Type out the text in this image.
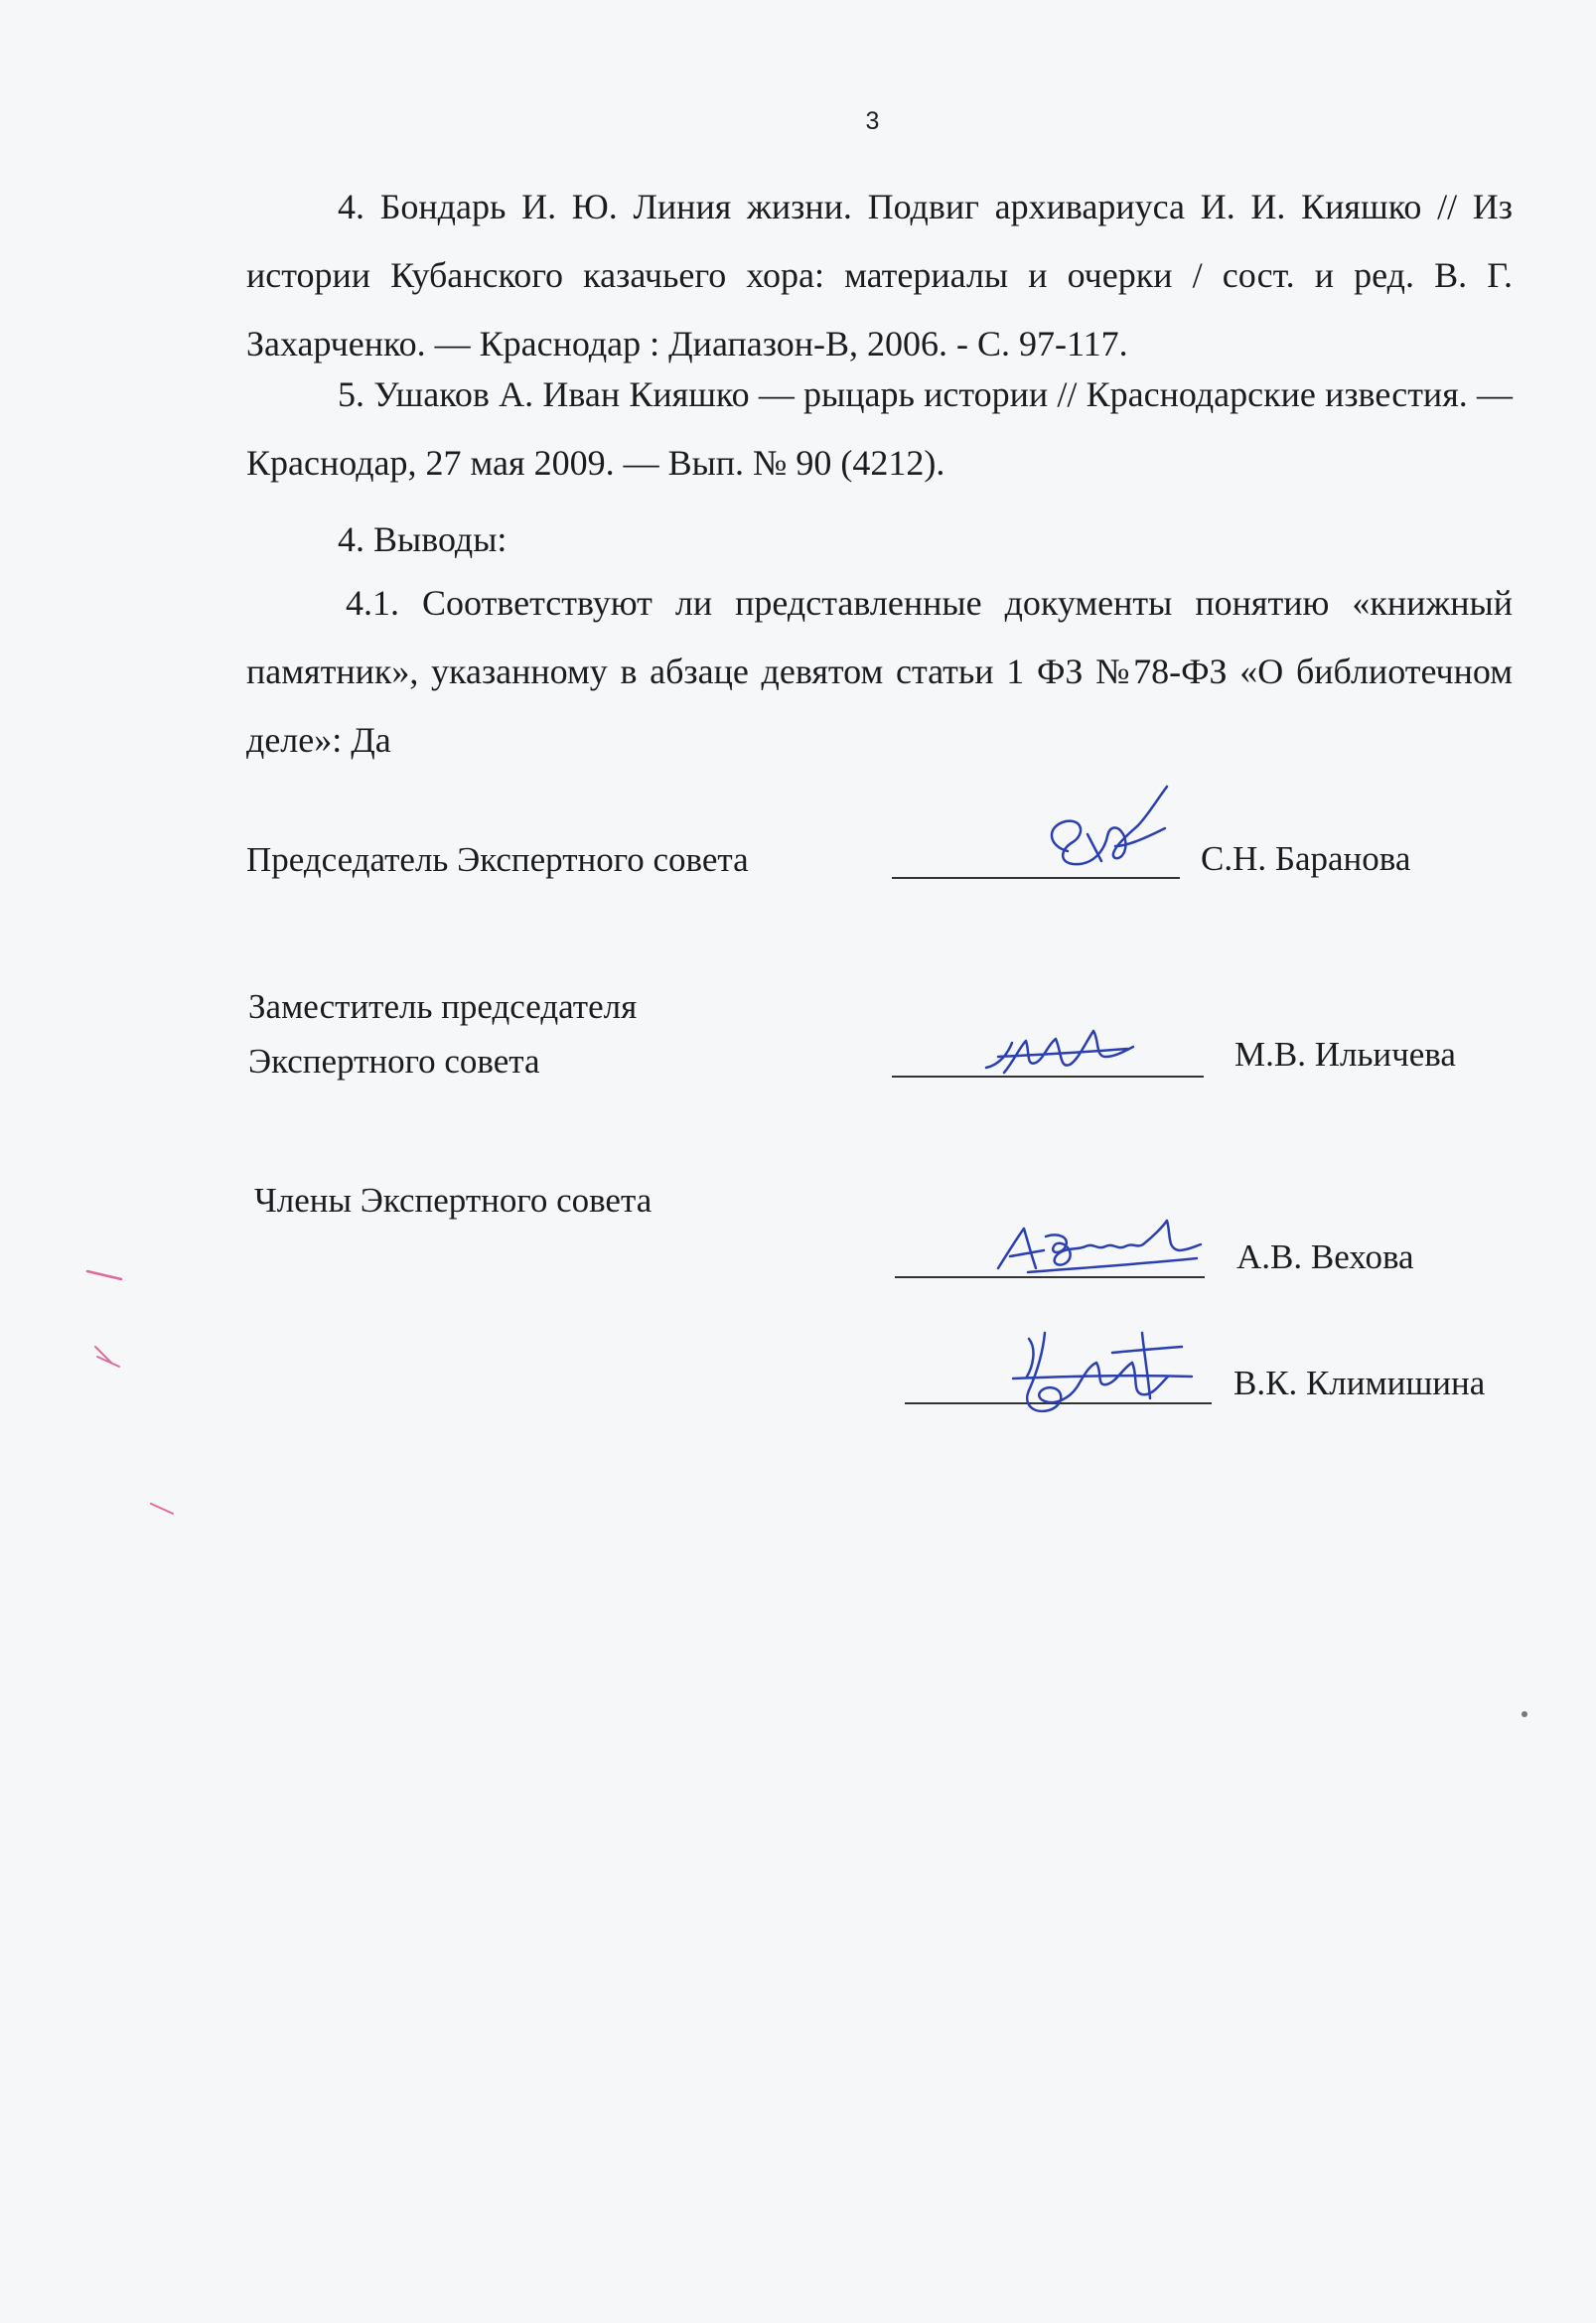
3
4. Бондарь И. Ю. Линия жизни. Подвиг архивариуса И. И. Кияшко // Из истории Кубанского казачьего хора: материалы и очерки / сост. и ред. В. Г. Захарченко. — Краснодар : Диапазон-В, 2006. - С. 97-117.
5. Ушаков А. Иван Кияшко — рыцарь истории // Краснодарские известия. — Краснодар, 27 мая 2009. — Вып. № 90 (4212).
4. Выводы:
4.1. Соответствуют ли представленные документы понятию «книжный памятник», указанному в абзаце девятом статьи 1 ФЗ №78-ФЗ «О библиотечном деле»: Да
Председатель Экспертного совета	С.Н. Баранова
Заместитель председателя
Экспертного совета	М.В. Ильичева
Члены Экспертного совета
А.В. Вехова
В.К. Климишина
